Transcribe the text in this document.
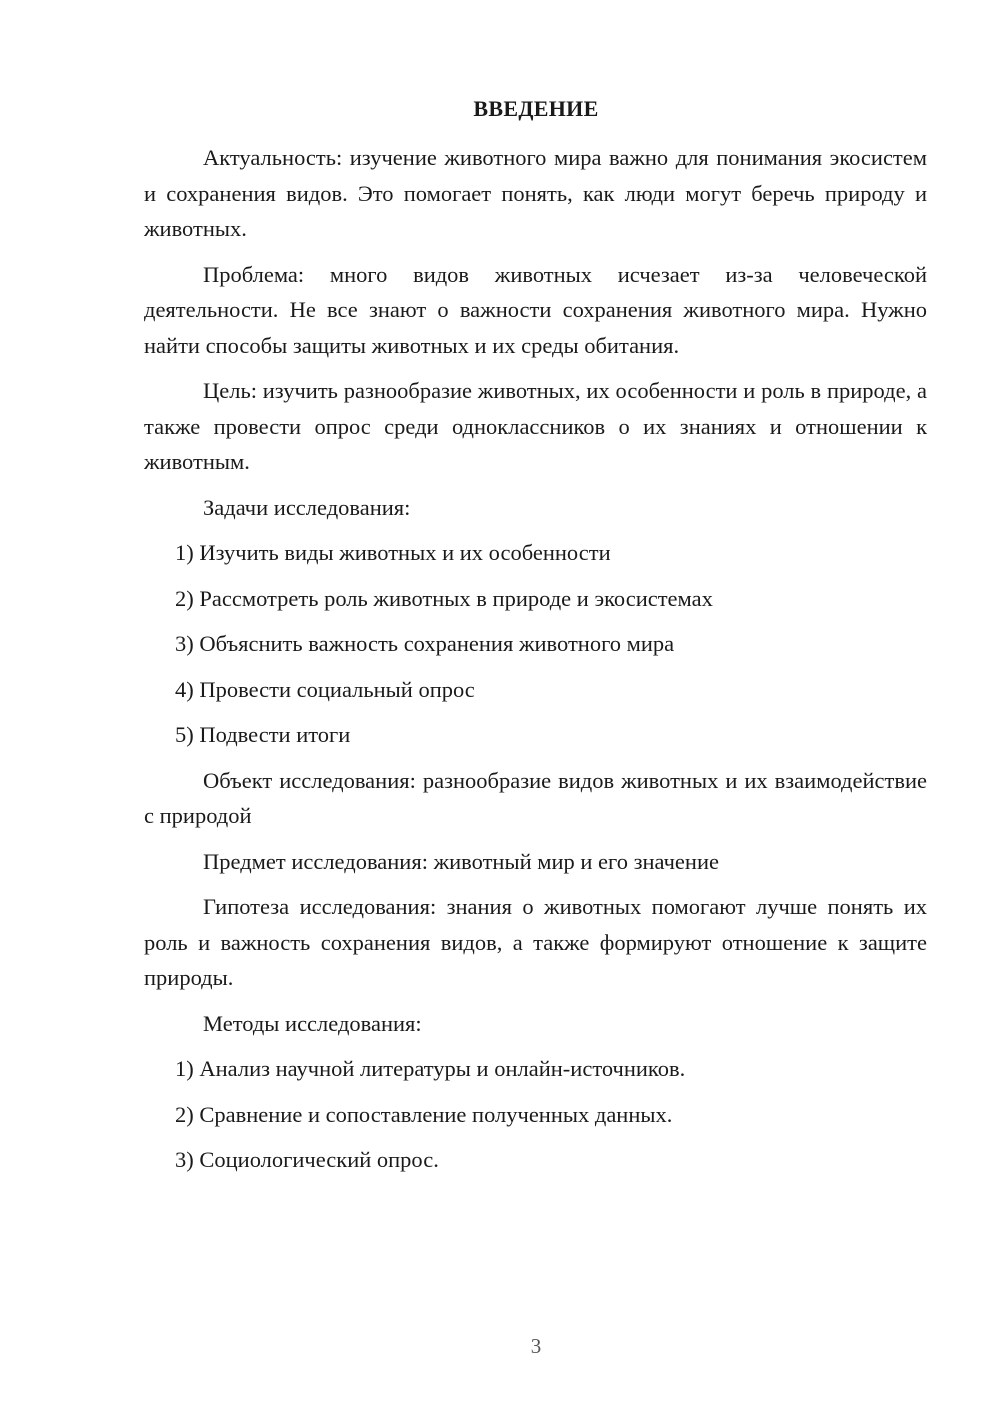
ВВЕДЕНИЕ

Актуальность: изучение животного мира важно для понимания экосистем и сохранения видов. Это помогает понять, как люди могут беречь природу и животных.

Проблема: много видов животных исчезает из-за человеческой деятельности. Не все знают о важности сохранения животного мира. Нужно найти способы защиты животных и их среды обитания.

Цель: изучить разнообразие животных, их особенности и роль в природе, а также провести опрос среди одноклассников о их знаниях и отношении к животным.

Задачи исследования:

1) Изучить виды животных и их особенности

2) Рассмотреть роль животных в природе и экосистемах

3) Объяснить важность сохранения животного мира

4) Провести социальный опрос

5) Подвести итоги

Объект исследования: разнообразие видов животных и их взаимодействие с природой

Предмет исследования: животный мир и его значение

Гипотеза исследования: знания о животных помогают лучше понять их роль и важность сохранения видов, а также формируют отношение к защите природы.

Методы исследования:

1) Анализ научной литературы и онлайн-источников.

2) Сравнение и сопоставление полученных данных.

3) Социологический опрос.

3
